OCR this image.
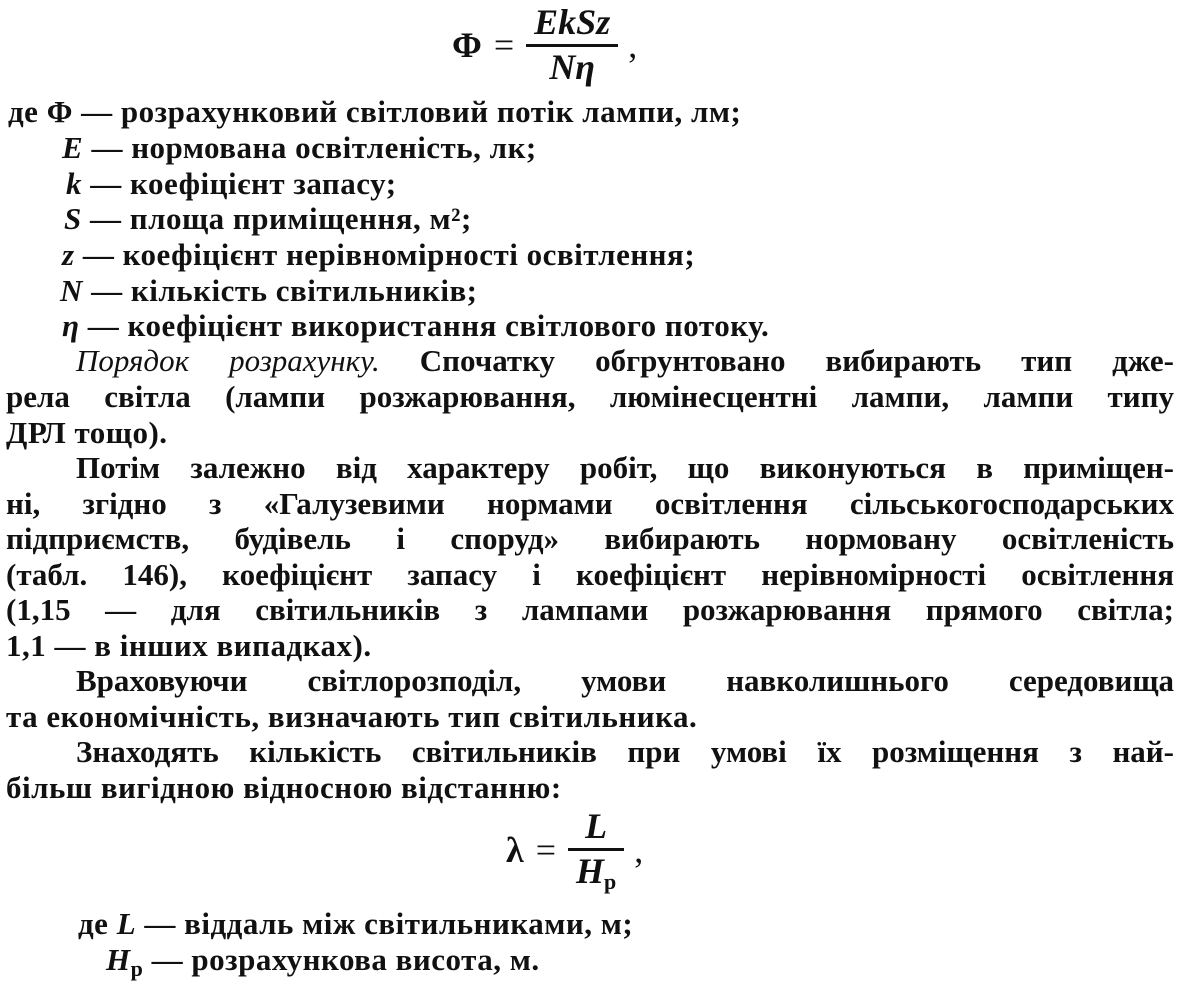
$\Phi = \frac{\text{EkSz}}{N\eta}$ ,
де Φ — розрахунковий світловий потік лампи, лм;
E — нормована освітленість, лк;
k — коефіцієнт запасу;
S — площа приміщення, м²;
z — коефіцієнт нерівномірності освітлення;
N — кількість світильників;
η — коефіцієнт використання світлового потоку.
Порядок розрахунку. Спочатку обгрунтовано вибирають тип дже-
рела світла (лампи розжарювання, люмінесцентні лампи, лампи типу
ДРЛ тощо).
Потім залежно від характеру робіт, що виконуються в приміщен-
ні, згідно з «Галузевими нормами освітлення сільськогосподарських
підприємств, будівель і споруд» вибирають нормовану освітленість
(табл. 146), коефіцієнт запасу і коефіцієнт нерівномірності освітлення
(1,15 — для світильників з лампами розжарювання прямого світла;
1,1 — в інших випадках).
Враховуючи світлорозподіл, умови навколишнього середовища
та економічність, визначають тип світильника.
Знаходять кількість світильників при умові їх розміщення з най-
більш вигідною відносною відстанню:
$\lambda = \frac{L}{H_p}$ ,
де L — віддаль між світильниками, м;
$H_p$ — розрахункова висота, м.
